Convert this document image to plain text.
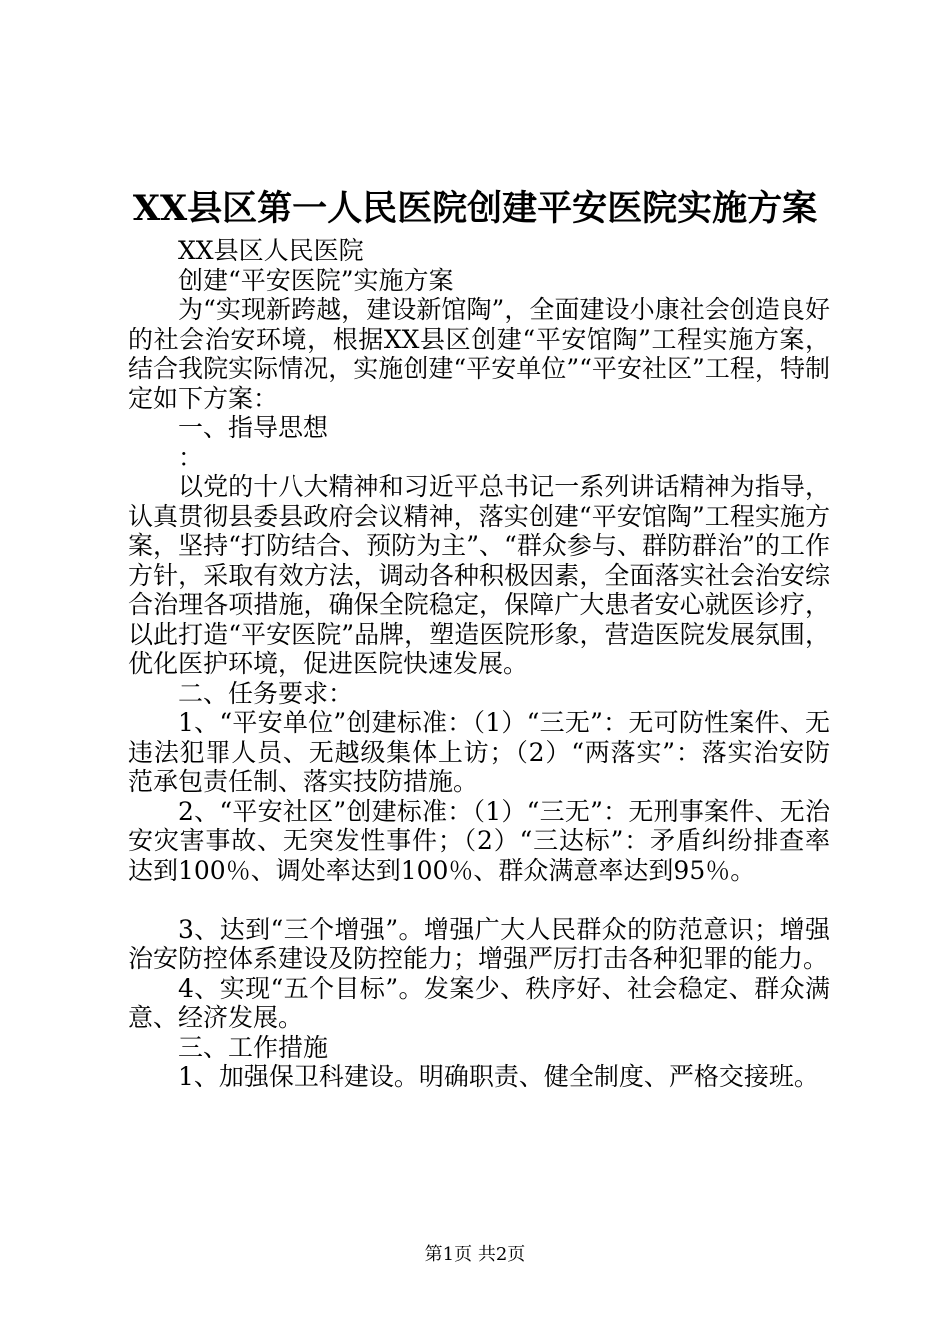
XX县区第一人民医院创建平安医院实施方案

XX县区人民医院

创建“平安医院”实施方案

为“实现新跨越，建设新馆陶”，全面建设小康社会创造良好的社会治安环境，根据XX县区创建“平安馆陶”工程实施方案，结合我院实际情况，实施创建“平安单位”“平安社区”工程，特制定如下方案：

一、指导思想

：

以党的十八大精神和习近平总书记一系列讲话精神为指导，认真贯彻县委县政府会议精神，落实创建“平安馆陶”工程实施方案，坚持“打防结合、预防为主”、“群众参与、群防群治”的工作方针，采取有效方法，调动各种积极因素，全面落实社会治安综合治理各项措施，确保全院稳定，保障广大患者安心就医诊疗，以此打造“平安医院”品牌，塑造医院形象，营造医院发展氛围，优化医护环境，促进医院快速发展。

二、任务要求：

1、“平安单位”创建标准：（1）“三无”：无可防性案件、无违法犯罪人员、无越级集体上访；（2）“两落实”：落实治安防范承包责任制、落实技防措施。

2、“平安社区”创建标准：（1）“三无”：无刑事案件、无治安灾害事故、无突发性事件；（2）“三达标”：矛盾纠纷排查率达到100％、调处率达到100％、群众满意率达到95％。

3、达到“三个增强”。增强广大人民群众的防范意识；增强治安防控体系建设及防控能力；增强严厉打击各种犯罪的能力。

4、实现“五个目标”。发案少、秩序好、社会稳定、群众满意、经济发展。

三、工作措施

1、加强保卫科建设。明确职责、健全制度、严格交接班。

第1页 共2页
